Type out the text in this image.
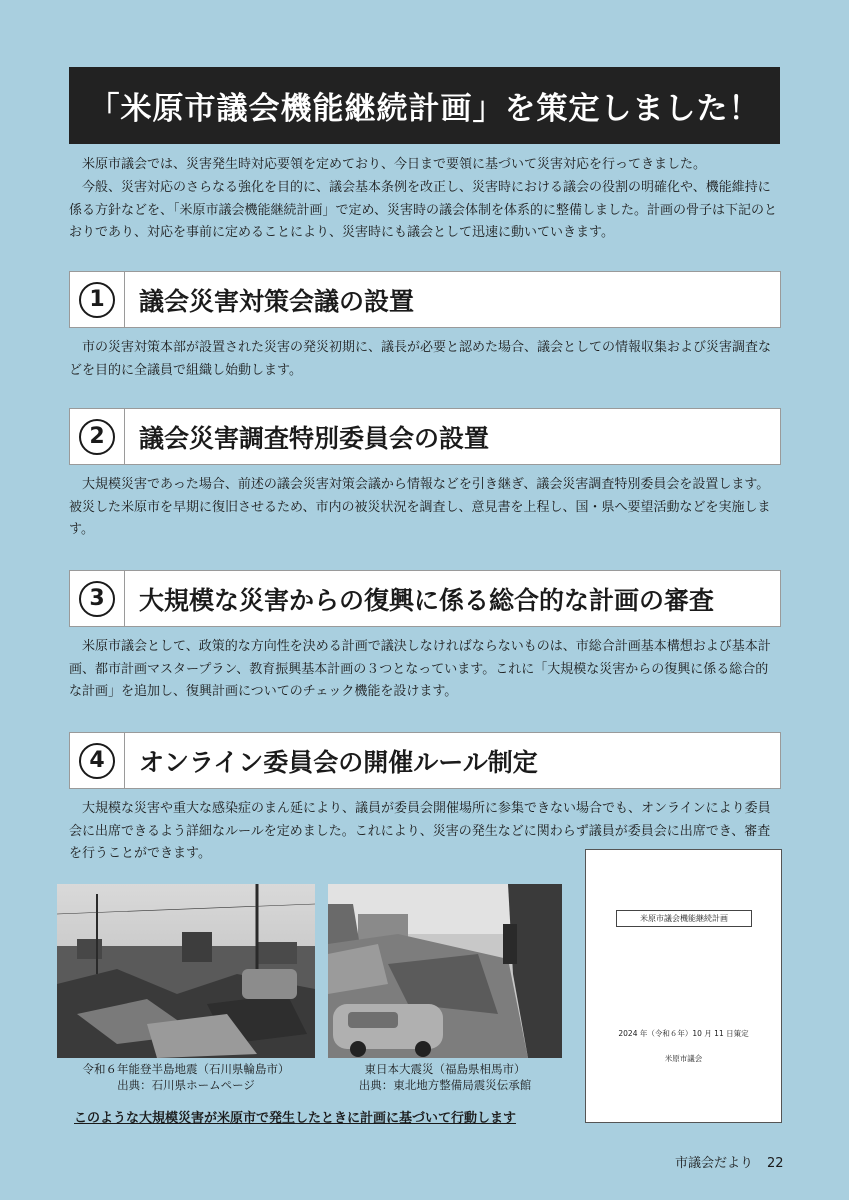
「米原市議会機能継続計画」を策定しました！

米原市議会では、災害発生時対応要領を定めており、今日まで要領に基づいて災害対応を行ってきました。

今般、災害対応のさらなる強化を目的に、議会基本条例を改正し、災害時における議会の役割の明確化や、機能維持に係る方針などを、「米原市議会機能継続計画」で定め、災害時の議会体制を体系的に整備しました。計画の骨子は下記のとおりであり、対応を事前に定めることにより、災害時にも議会として迅速に動いていきます。

1	議会災害対策会議の設置

市の災害対策本部が設置された災害の発災初期に、議長が必要と認めた場合、議会としての情報収集および災害調査などを目的に全議員で組織し始動します。

2	議会災害調査特別委員会の設置

大規模災害であった場合、前述の議会災害対策会議から情報などを引き継ぎ、議会災害調査特別委員会を設置します。被災した米原市を早期に復旧させるため、市内の被災状況を調査し、意見書を上程し、国・県へ要望活動などを実施します。

3	大規模な災害からの復興に係る総合的な計画の審査

米原市議会として、政策的な方向性を決める計画で議決しなければならないものは、市総合計画基本構想および基本計画、都市計画マスタープラン、教育振興基本計画の３つとなっています。これに「大規模な災害からの復興に係る総合的な計画」を追加し、復興計画についてのチェック機能を設けます。

4	オンライン委員会の開催ルール制定

大規模な災害や重大な感染症のまん延により、議員が委員会開催場所に参集できない場合でも、オンラインにより委員会に出席できるよう詳細なルールを定めました。これにより、災害の発生などに関わらず議員が委員会に出席でき、審査を行うことができます。

令和６年能登半島地震（石川県輪島市）
出典：石川県ホームページ
東日本大震災（福島県相馬市）
出典：東北地方整備局震災伝承館
米原市議会機能継続計画
2024 年（令和６年）10 月 11 日策定
米原市議会
このような大規模災害が米原市で発生したときに計画に基づいて行動します
市議会だより 22
